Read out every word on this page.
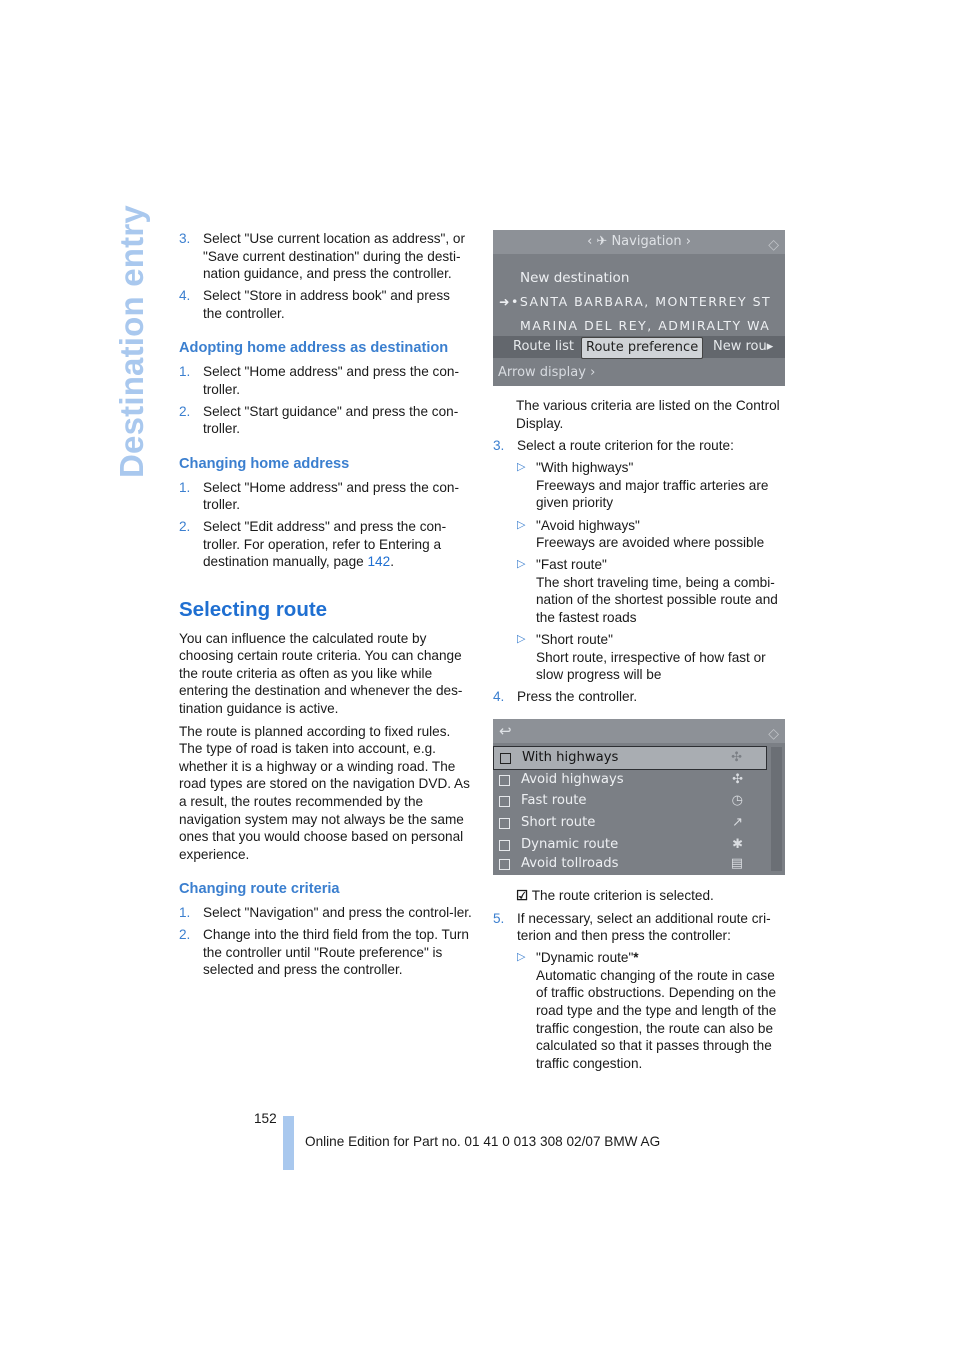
Destination entry 3. Select "Use current location as address", or "Save current destination" during the desti-nation guidance, and press the controller.
4. Select "Store in address book" and press the controller.
Adopting home address as destination
1. Select "Home address" and press the con-troller.
2. Select "Start guidance" and press the con-troller.
Changing home address
1. Select "Home address" and press the con-troller.
2. Select "Edit address" and press the con-troller. For operation, refer to Entering a destination manually, page 142.
Selecting route

You can influence the calculated route by choosing certain route criteria. You can change the route criteria as often as you like while entering the destination and whenever the des-tination guidance is active.

The route is planned according to fixed rules. The type of road is taken into account, e.g. whether it is a highway or a winding road. The road types are stored on the navigation DVD. As a result, the routes recommended by the navigation system may not always be the same ones that you would choose based on personal experience.

Changing route criteria
1. Select "Navigation" and press the control-ler.
2. Change into the third field from the top. Turn the controller until "Route preference" is selected and press the controller.
‹ ✈ Navigation ›	◇
New destination
➜•SANTA BARBARA, MONTERREY ST
MARINA DEL REY, ADMIRALTY WA
Route list Route preference	New rou▸
Arrow display ›

The various criteria are listed on the Control Display.

3. Select a route criterion for the route:
▷ "With highways"
Freeways and major traffic arteries are given priority
▷ "Avoid highways"
Freeways are avoided where possible
▷ "Fast route"
The short traveling time, being a combi-nation of the shortest possible route and the fastest roads
▷ "Short route"
Short route, irrespective of how fast or slow progress will be
4. Press the controller.
↩	◇
With highways	✣
Avoid highways	✣
Fast route	◷
Short route	↗
Dynamic route	✱
Avoid tollroads	▤

☑ The route criterion is selected.

5. If necessary, select an additional route cri-terion and then press the controller:
▷ "Dynamic route"*
Automatic changing of the route in case of traffic obstructions. Depending on the road type and the type and length of the traffic congestion, the route can also be calculated so that it passes through the traffic congestion.
152
Online Edition for Part no. 01 41 0 013 308 02/07 BMW AG
